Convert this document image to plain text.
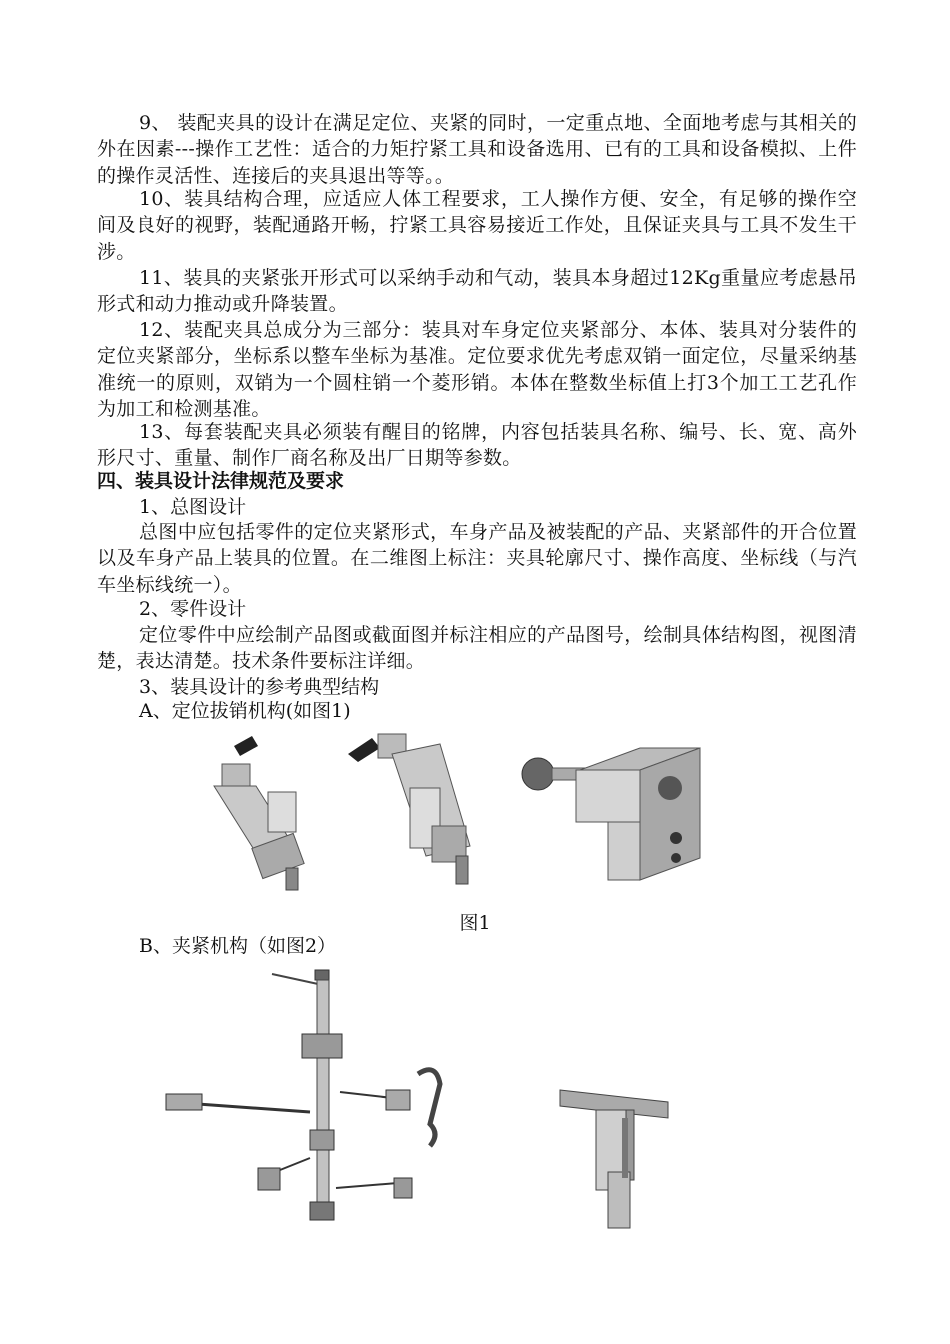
9、 装配夹具的设计在满足定位、夹紧的同时，一定重点地、全面地考虑与其相关的外在因素---操作工艺性：适合的力矩拧紧工具和设备选用、已有的工具和设备模拟、上件的操作灵活性、连接后的夹具退出等等。。
10、装具结构合理，应适应人体工程要求，工人操作方便、安全，有足够的操作空间及良好的视野，装配通路开畅，拧紧工具容易接近工作处，且保证夹具与工具不发生干涉。
11、装具的夹紧张开形式可以采纳手动和气动，装具本身超过12Kg重量应考虑悬吊形式和动力推动或升降装置。
12、装配夹具总成分为三部分：装具对车身定位夹紧部分、本体、装具对分装件的定位夹紧部分，坐标系以整车坐标为基准。定位要求优先考虑双销一面定位，尽量采纳基准统一的原则，双销为一个圆柱销一个菱形销。本体在整数坐标值上打3个加工工艺孔作为加工和检测基准。
13、每套装配夹具必须装有醒目的铭牌，内容包括装具名称、编号、长、宽、高外形尺寸、重量、制作厂商名称及出厂日期等参数。
四、装具设计法律规范及要求
1、总图设计
总图中应包括零件的定位夹紧形式，车身产品及被装配的产品、夹紧部件的开合位置以及车身产品上装具的位置。在二维图上标注：夹具轮廓尺寸、操作高度、坐标线（与汽车坐标线统一）。
2、零件设计
定位零件中应绘制产品图或截面图并标注相应的产品图号，绘制具体结构图，视图清楚，表达清楚。技术条件要标注详细。
3、装具设计的参考典型结构
A、定位拔销机构(如图1)
图1
B、夹紧机构（如图2）
